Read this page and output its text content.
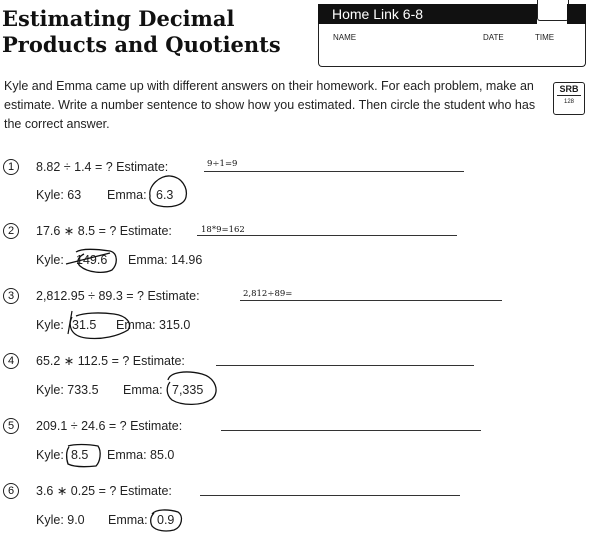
Estimating Decimal
Products and Quotients
Home Link 6-8
NAME	DATE	TIME
Kyle and Emma came up with different answers on their homework. For each problem, make an estimate. Write a number sentence to show how you estimated. Then circle the student who has the correct answer.
SRB
128
1	8.82 ÷ 1.4 = ? Estimate:	9÷1=9
Kyle: 63 Emma: 6.3
2	17.6 ∗ 8.5 = ? Estimate:	18*9=162
Kyle: 149.6 Emma: 14.96
3	2,812.95 ÷ 89.3 = ? Estimate:	2,812÷89=
Kyle: 31.5 Emma: 315.0
4	65.2 ∗ 112.5 = ? Estimate:
Kyle: 733.5 Emma: 7,335
5	209.1 ÷ 24.6 = ? Estimate:
Kyle: 8.5 Emma: 85.0
6	3.6 ∗ 0.25 = ? Estimate:
Kyle: 9.0 Emma: 0.9
